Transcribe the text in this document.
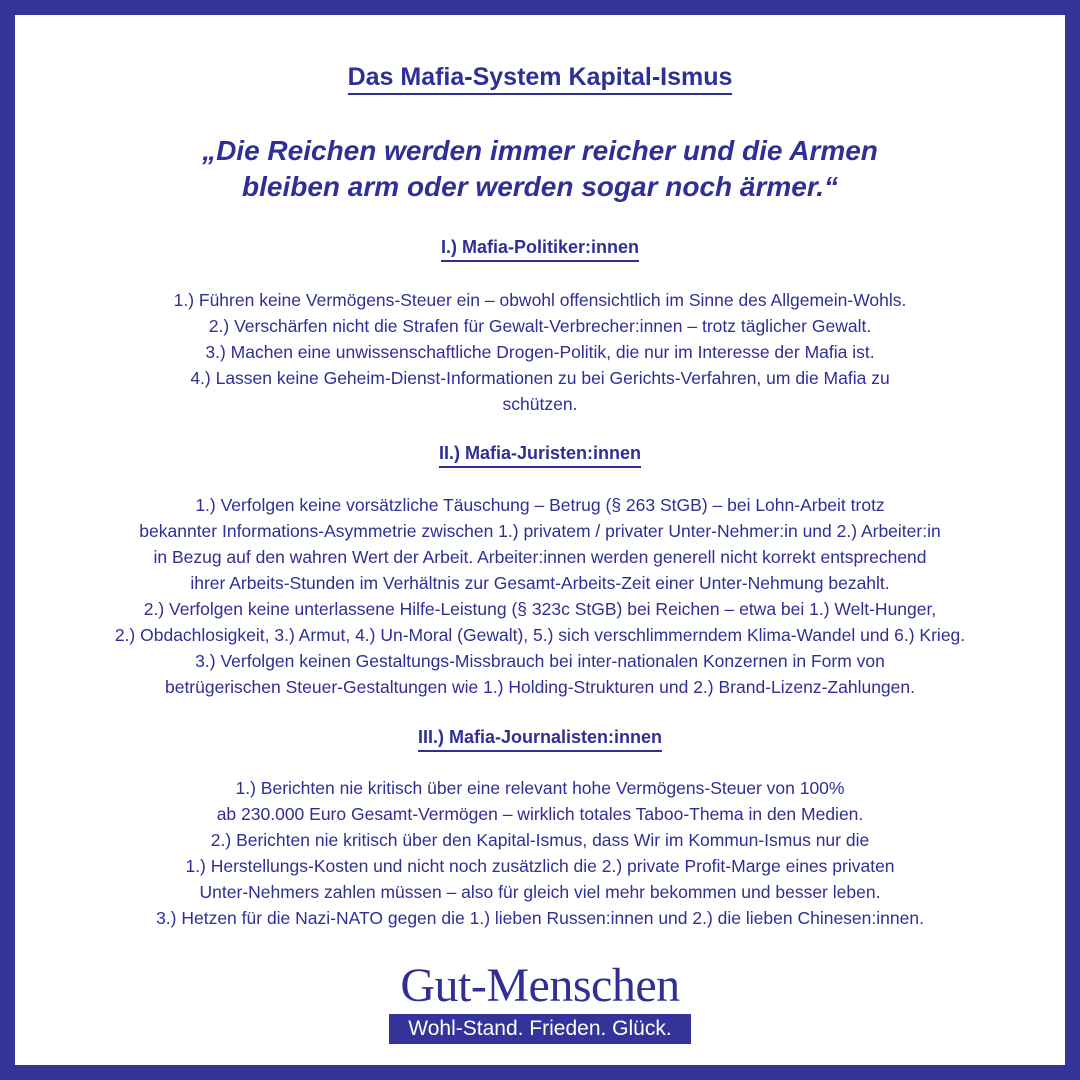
Das Mafia-System Kapital-Ismus
„Die Reichen werden immer reicher und die Armen
bleiben arm oder werden sogar noch ärmer.“
I.) Mafia-Politiker:innen
1.) Führen keine Vermögens-Steuer ein – obwohl offensichtlich im Sinne des Allgemein-Wohls.
2.) Verschärfen nicht die Strafen für Gewalt-Verbrecher:innen – trotz täglicher Gewalt.
3.) Machen eine unwissenschaftliche Drogen-Politik, die nur im Interesse der Mafia ist.
4.) Lassen keine Geheim-Dienst-Informationen zu bei Gerichts-Verfahren, um die Mafia zu
schützen.
II.) Mafia-Juristen:innen
1.) Verfolgen keine vorsätzliche Täuschung – Betrug (§ 263 StGB) – bei Lohn-Arbeit trotz
bekannter Informations-Asymmetrie zwischen 1.) privatem / privater Unter-Nehmer:in und 2.) Arbeiter:in
in Bezug auf den wahren Wert der Arbeit. Arbeiter:innen werden generell nicht korrekt entsprechend
ihrer Arbeits-Stunden im Verhältnis zur Gesamt-Arbeits-Zeit einer Unter-Nehmung bezahlt.
2.) Verfolgen keine unterlassene Hilfe-Leistung (§ 323c StGB) bei Reichen – etwa bei 1.) Welt-Hunger,
2.) Obdachlosigkeit, 3.) Armut, 4.) Un-Moral (Gewalt), 5.) sich verschlimmerndem Klima-Wandel und 6.) Krieg.
3.) Verfolgen keinen Gestaltungs-Missbrauch bei inter-nationalen Konzernen in Form von
betrügerischen Steuer-Gestaltungen wie 1.) Holding-Strukturen und 2.) Brand-Lizenz-Zahlungen.
III.) Mafia-Journalisten:innen
1.) Berichten nie kritisch über eine relevant hohe Vermögens-Steuer von 100%
ab 230.000 Euro Gesamt-Vermögen – wirklich totales Taboo-Thema in den Medien.
2.) Berichten nie kritisch über den Kapital-Ismus, dass Wir im Kommun-Ismus nur die
1.) Herstellungs-Kosten und nicht noch zusätzlich die 2.) private Profit-Marge eines privaten
Unter-Nehmers zahlen müssen – also für gleich viel mehr bekommen und besser leben.
3.) Hetzen für die Nazi-NATO gegen die 1.) lieben Russen:innen und 2.) die lieben Chinesen:innen.
Gut-Menschen
Wohl-Stand. Frieden. Glück.
